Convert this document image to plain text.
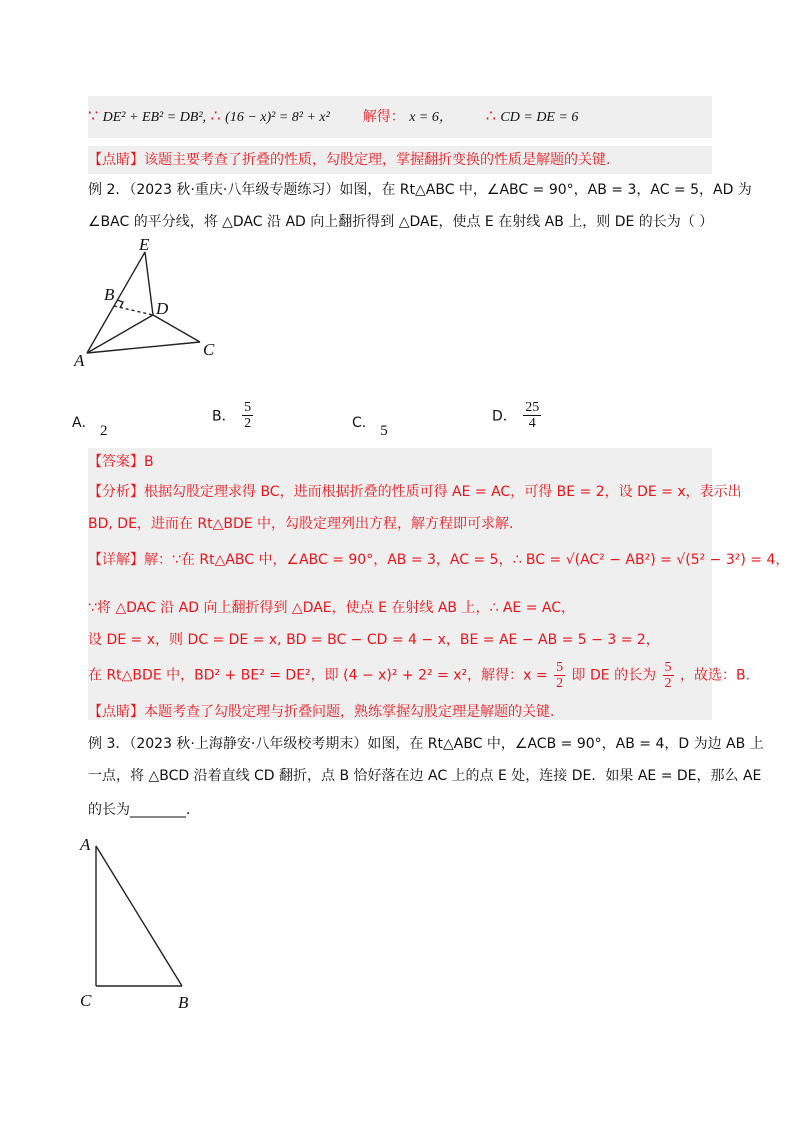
∵ DE² + EB² = DB², ∴ (16 − x)² = 8² + x² 解得： x = 6， ∴ CD = DE = 6
【点睛】该题主要考查了折叠的性质，勾股定理，掌握翻折变换的性质是解题的关键.
例 2．（2023 秋·重庆·八年级专题练习）如图，在 Rt△ABC 中，∠ABC = 90°，AB = 3，AC = 5，AD 为
∠BAC 的平分线，将 △DAC 沿 AD 向上翻折得到 △DAE，使点 E 在射线 AB 上，则 DE 的长为（ ）
E
B
D
A
C
A． 2
B． $\frac{5}{2}$	C． 5
D． $\frac{25}{4}$
【答案】B
【分析】根据勾股定理求得 BC，进而根据折叠的性质可得 AE = AC，可得 BE = 2，设 DE = x，表示出
BD, DE，进而在 Rt△BDE 中，勾股定理列出方程，解方程即可求解.
【详解】解：∵在 Rt△ABC 中，∠ABC = 90°，AB = 3，AC = 5，∴ BC = √(AC² − AB²) = √(5² − 3²) = 4，
∵将 △DAC 沿 AD 向上翻折得到 △DAE，使点 E 在射线 AB 上，∴ AE = AC，
设 DE = x，则 DC = DE = x, BD = BC − CD = 4 − x，BE = AE − AB = 5 − 3 = 2，
在 Rt△BDE 中，BD² + BE² = DE²，即 (4 − x)² + 2² = x²，解得：$x = \frac{5}{2}$ 即 DE 的长为 $\frac{5}{2}$ ，故选：B.
【点睛】本题考查了勾股定理与折叠问题，熟练掌握勾股定理是解题的关键.
例 3．（2023 秋·上海静安·八年级校考期末）如图，在 Rt△ABC 中，∠ACB = 90°，AB = 4，D 为边 AB 上
一点，将 △BCD 沿着直线 CD 翻折，点 B 恰好落在边 AC 上的点 E 处，连接 DE．如果 AE = DE，那么 AE
的长为________.
A
C	B
